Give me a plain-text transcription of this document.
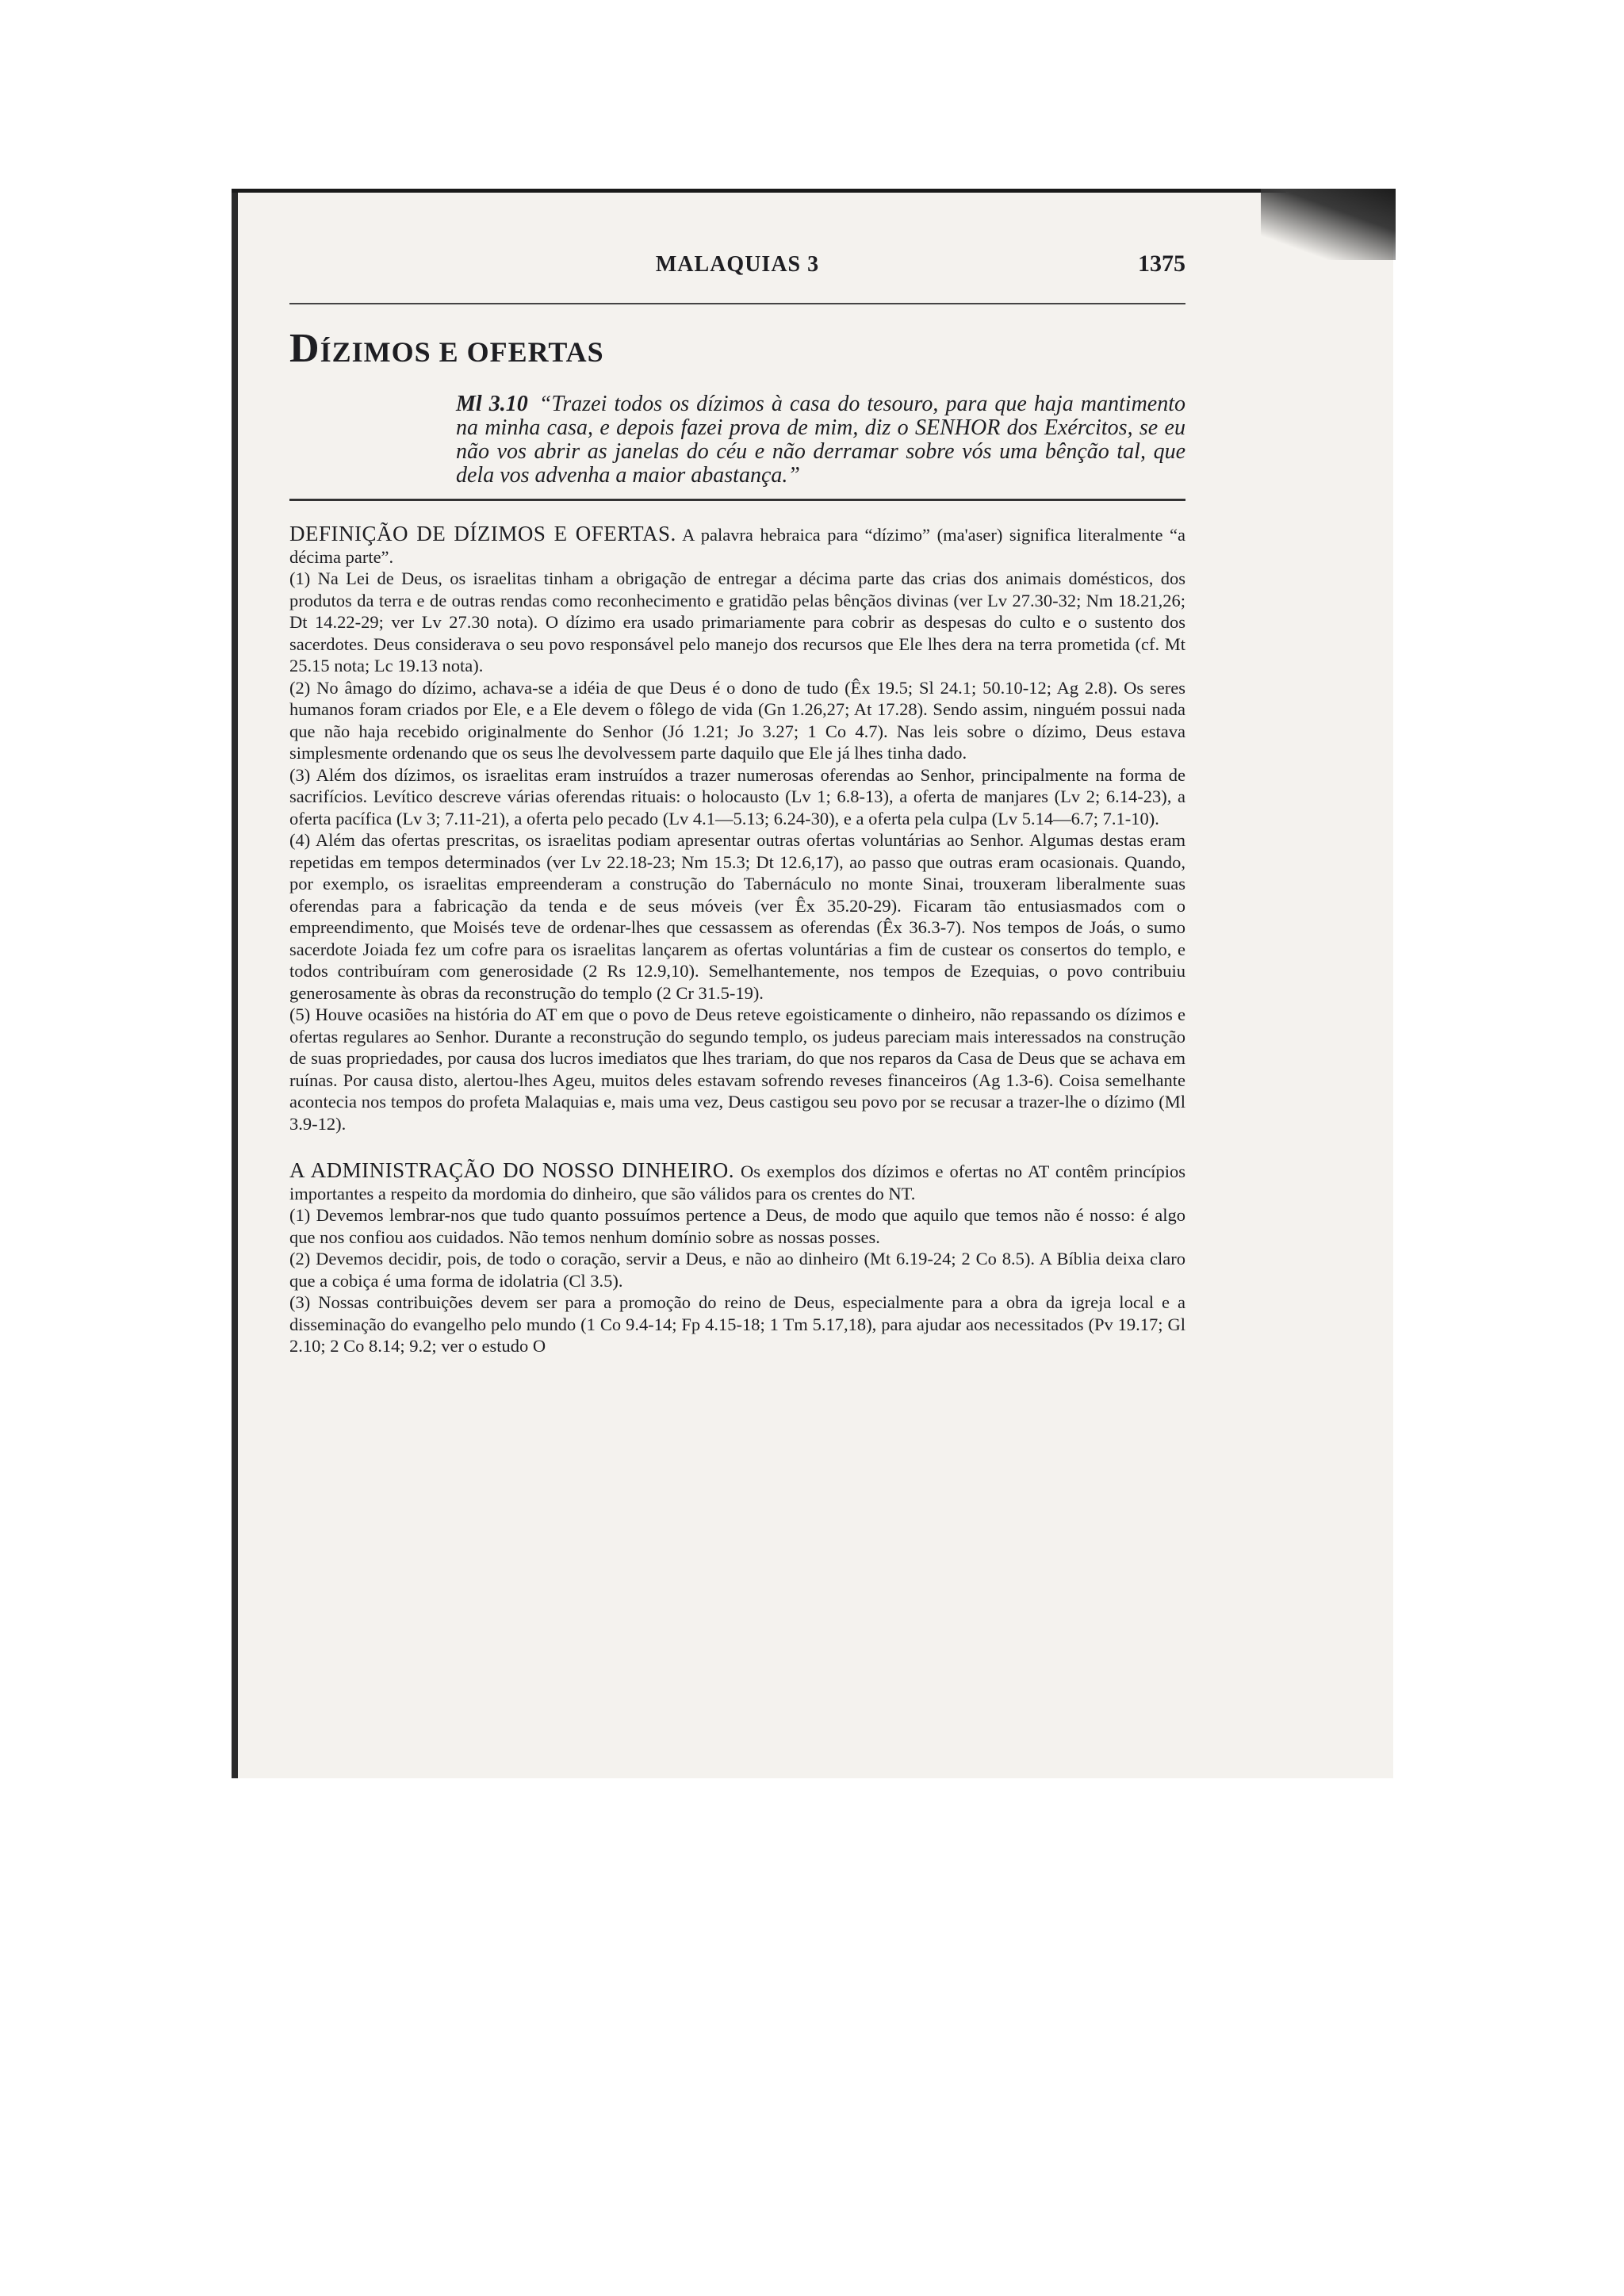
MALAQUIAS 3	1375
DÍZIMOS E OFERTAS
Ml 3.10 “Trazei todos os dízimos à casa do tesouro, para que haja mantimento na minha casa, e depois fazei prova de mim, diz o SENHOR dos Exércitos, se eu não vos abrir as janelas do céu e não derramar sobre vós uma bênção tal, que dela vos advenha a maior abastança.”

DEFINIÇÃO DE DÍZIMOS E OFERTAS. A palavra hebraica para “dízimo” (ma'aser) significa literalmente “a décima parte”.

(1) Na Lei de Deus, os israelitas tinham a obrigação de entregar a décima parte das crias dos animais domésticos, dos produtos da terra e de outras rendas como reconhecimento e gratidão pelas bênçãos divinas (ver Lv 27.30-32; Nm 18.21,26; Dt 14.22-29; ver Lv 27.30 nota). O dízimo era usado primariamente para cobrir as despesas do culto e o sustento dos sacerdotes. Deus considerava o seu povo responsável pelo manejo dos recursos que Ele lhes dera na terra prometida (cf. Mt 25.15 nota; Lc 19.13 nota).

(2) No âmago do dízimo, achava-se a idéia de que Deus é o dono de tudo (Êx 19.5; Sl 24.1; 50.10-12; Ag 2.8). Os seres humanos foram criados por Ele, e a Ele devem o fôlego de vida (Gn 1.26,27; At 17.28). Sendo assim, ninguém possui nada que não haja recebido originalmente do Senhor (Jó 1.21; Jo 3.27; 1 Co 4.7). Nas leis sobre o dízimo, Deus estava simplesmente ordenando que os seus lhe devolvessem parte daquilo que Ele já lhes tinha dado.

(3) Além dos dízimos, os israelitas eram instruídos a trazer numerosas oferendas ao Senhor, principalmente na forma de sacrifícios. Levítico descreve várias oferendas rituais: o holocausto (Lv 1; 6.8-13), a oferta de manjares (Lv 2; 6.14-23), a oferta pacífica (Lv 3; 7.11-21), a oferta pelo pecado (Lv 4.1—5.13; 6.24-30), e a oferta pela culpa (Lv 5.14—6.7; 7.1-10).

(4) Além das ofertas prescritas, os israelitas podiam apresentar outras ofertas voluntárias ao Senhor. Algumas destas eram repetidas em tempos determinados (ver Lv 22.18-23; Nm 15.3; Dt 12.6,17), ao passo que outras eram ocasionais. Quando, por exemplo, os israelitas empreenderam a construção do Tabernáculo no monte Sinai, trouxeram liberalmente suas oferendas para a fabricação da tenda e de seus móveis (ver Êx 35.20-29). Ficaram tão entusiasmados com o empreendimento, que Moisés teve de ordenar-lhes que cessassem as oferendas (Êx 36.3-7). Nos tempos de Joás, o sumo sacerdote Joiada fez um cofre para os israelitas lançarem as ofertas voluntárias a fim de custear os consertos do templo, e todos contribuíram com generosidade (2 Rs 12.9,10). Semelhantemente, nos tempos de Ezequias, o povo contribuiu generosamente às obras da reconstrução do templo (2 Cr 31.5-19).

(5) Houve ocasiões na história do AT em que o povo de Deus reteve egoisticamente o dinheiro, não repassando os dízimos e ofertas regulares ao Senhor. Durante a reconstrução do segundo templo, os judeus pareciam mais interessados na construção de suas propriedades, por causa dos lucros imediatos que lhes trariam, do que nos reparos da Casa de Deus que se achava em ruínas. Por causa disto, alertou-lhes Ageu, muitos deles estavam sofrendo reveses financeiros (Ag 1.3-6). Coisa semelhante acontecia nos tempos do profeta Malaquias e, mais uma vez, Deus castigou seu povo por se recusar a trazer-lhe o dízimo (Ml 3.9-12).

A ADMINISTRAÇÃO DO NOSSO DINHEIRO. Os exemplos dos dízimos e ofertas no AT contêm princípios importantes a respeito da mordomia do dinheiro, que são válidos para os crentes do NT.

(1) Devemos lembrar-nos que tudo quanto possuímos pertence a Deus, de modo que aquilo que temos não é nosso: é algo que nos confiou aos cuidados. Não temos nenhum domínio sobre as nossas posses.

(2) Devemos decidir, pois, de todo o coração, servir a Deus, e não ao dinheiro (Mt 6.19-24; 2 Co 8.5). A Bíblia deixa claro que a cobiça é uma forma de idolatria (Cl 3.5).

(3) Nossas contribuições devem ser para a promoção do reino de Deus, especialmente para a obra da igreja local e a disseminação do evangelho pelo mundo (1 Co 9.4-14; Fp 4.15-18; 1 Tm 5.17,18), para ajudar aos necessitados (Pv 19.17; Gl 2.10; 2 Co 8.14; 9.2; ver o estudo O
